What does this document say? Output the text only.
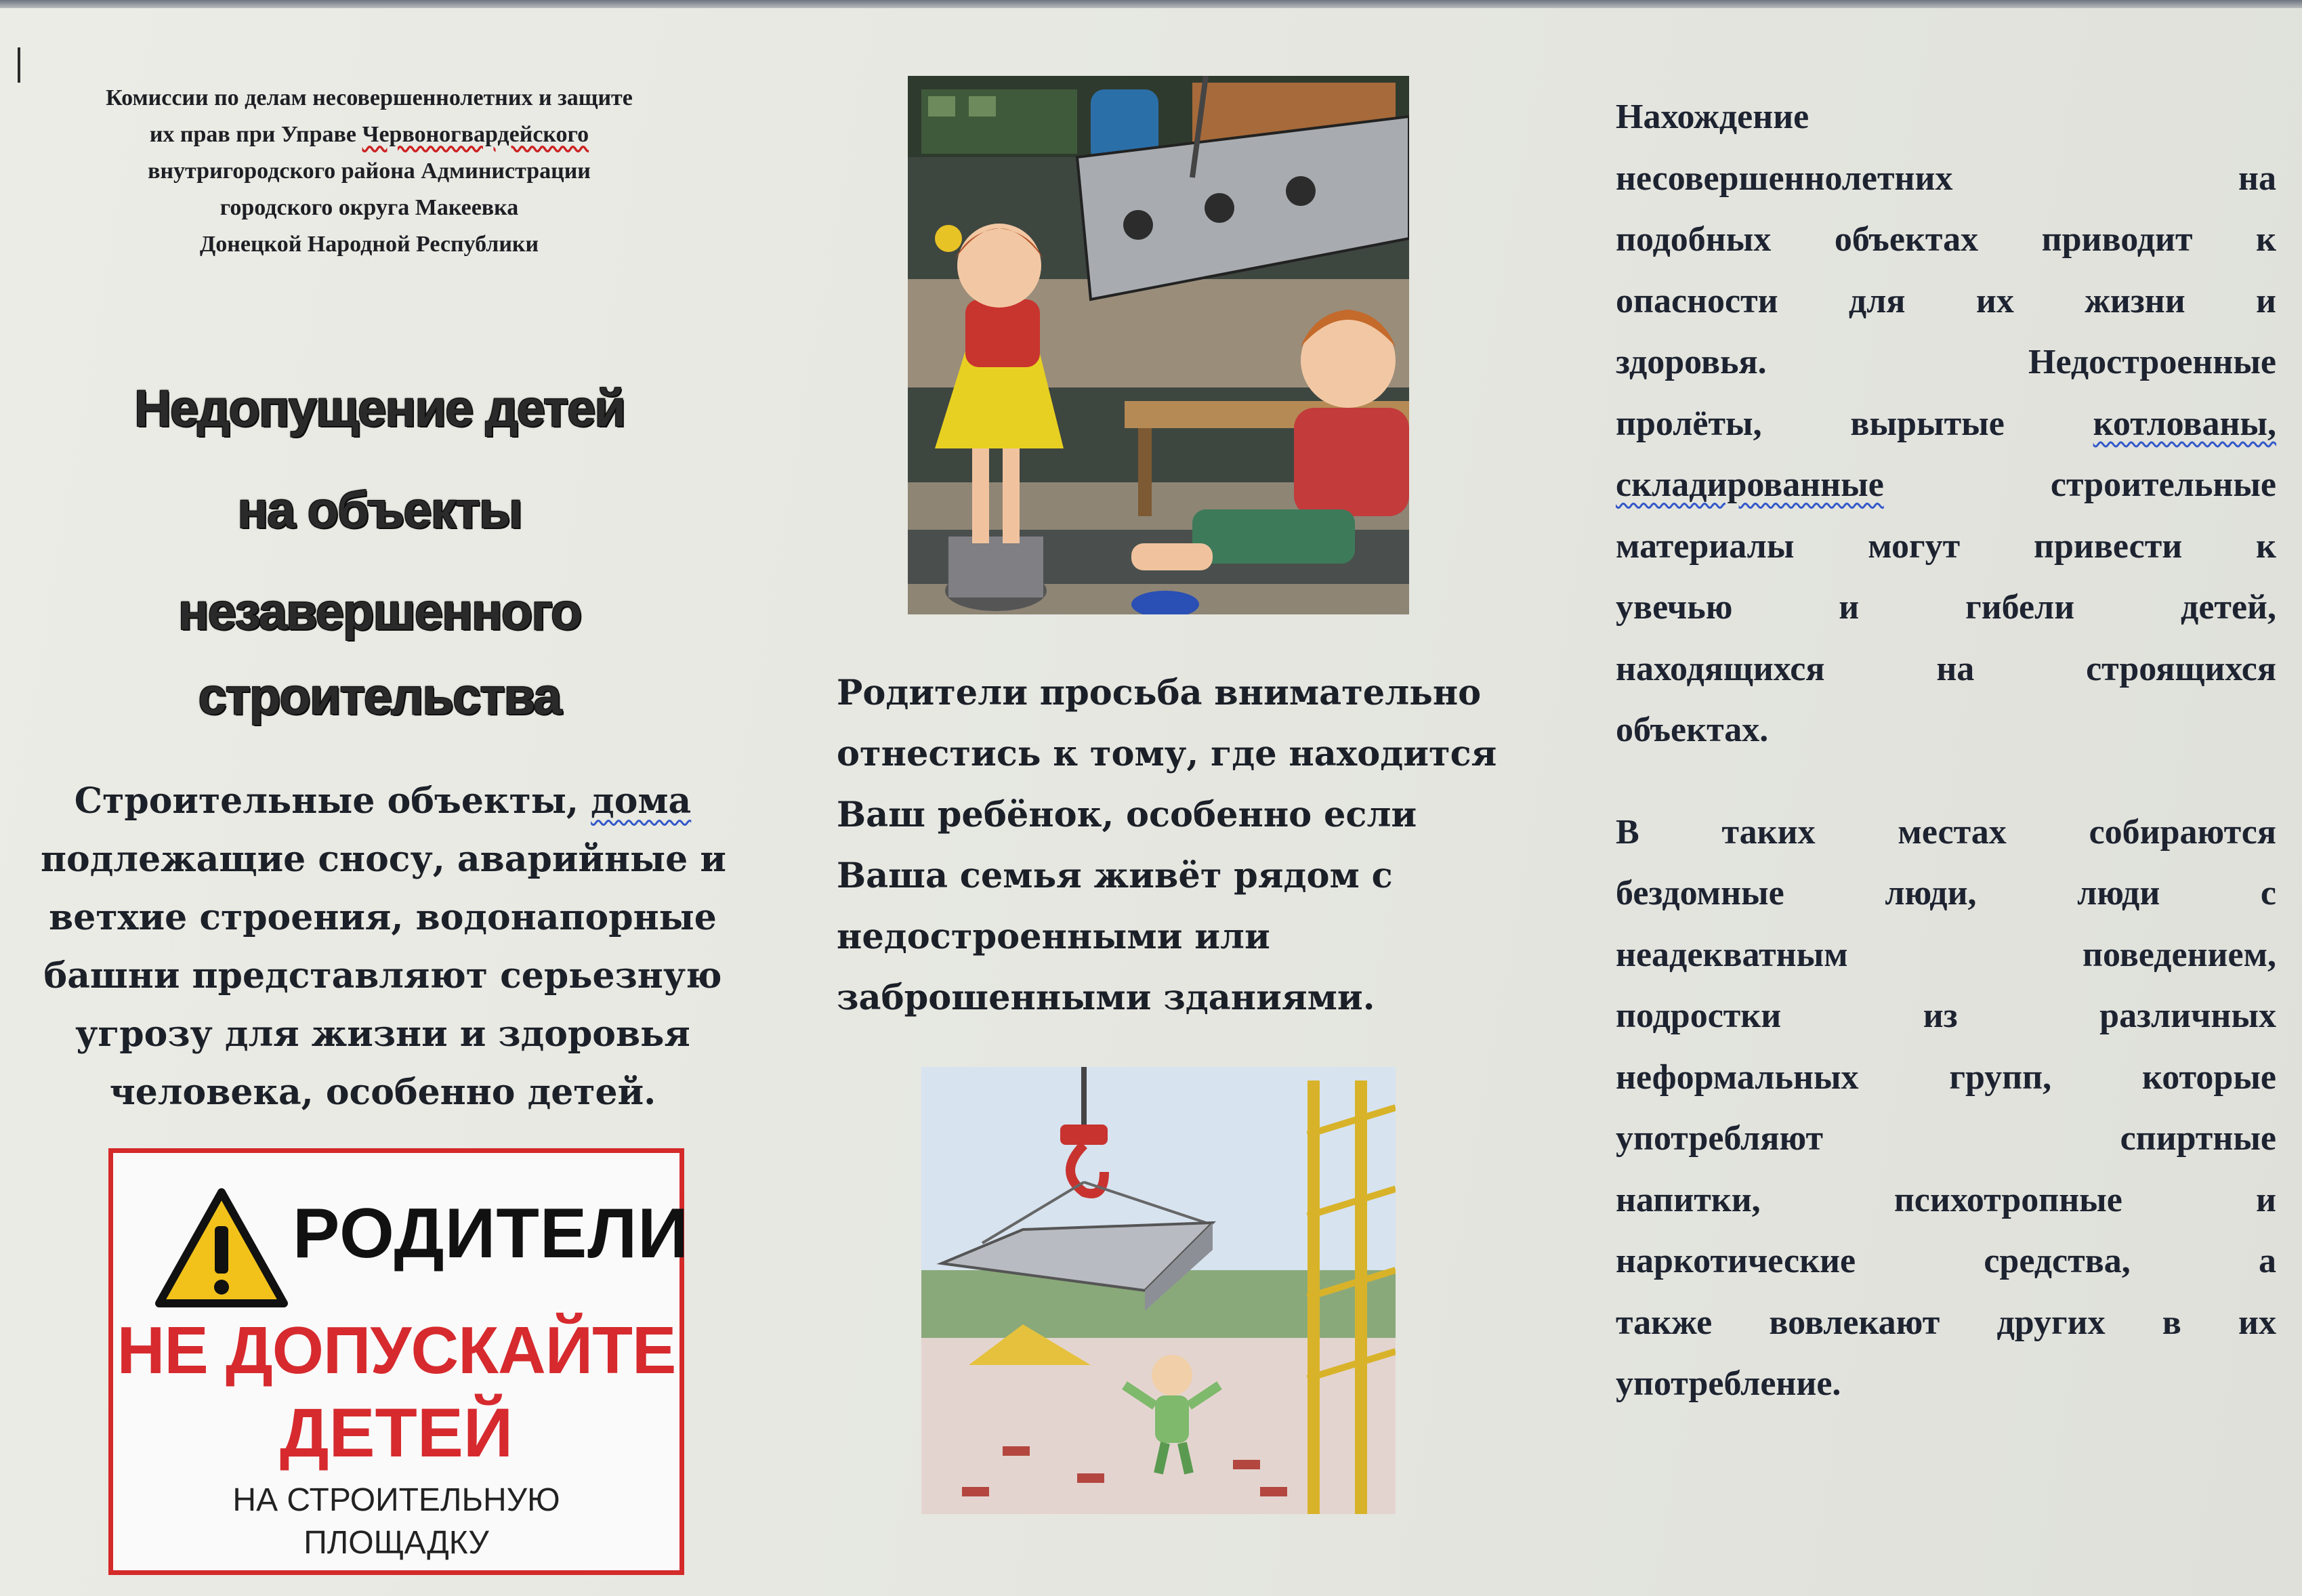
Комиссии по делам несовершеннолетних и защите
их прав при Управе Червоногвардейского
внутригородского района Администрации
городского округа Макеевка
Донецкой Народной Республики
Недопущение детей
на объекты
незавершенного
строительства
Строительные объекты, дома
подлежащие сносу, аварийные и
ветхие строения, водонапорные
башни представляют серьезную
угрозу для жизни и здоровья
человека, особенно детей.
РОДИТЕЛИ
НЕ ДОПУСКАЙТЕ
ДЕТЕЙ
НА СТРОИТЕЛЬНУЮ
ПЛОЩАДКУ
Родители просьба внимательно
отнестись к тому, где находится
Ваш ребёнок, особенно если
Ваша семья живёт рядом с
недостроенными или
заброшенными зданиями.
Нахождение
несовершеннолетних на
подобных объектах приводит к
опасности для их жизни и
здоровья. Недостроенные
пролёты, вырытые котлованы,
складированные строительные
материалы могут привести к
увечью и гибели детей,
находящихся на строящихся
объектах.
В таких местах собираются
бездомные люди, люди с
неадекватным поведением,
подростки из различных
неформальных групп, которые
употребляют спиртные
напитки, психотропные и
наркотические средства, а
также вовлекают других в их
употребление.
